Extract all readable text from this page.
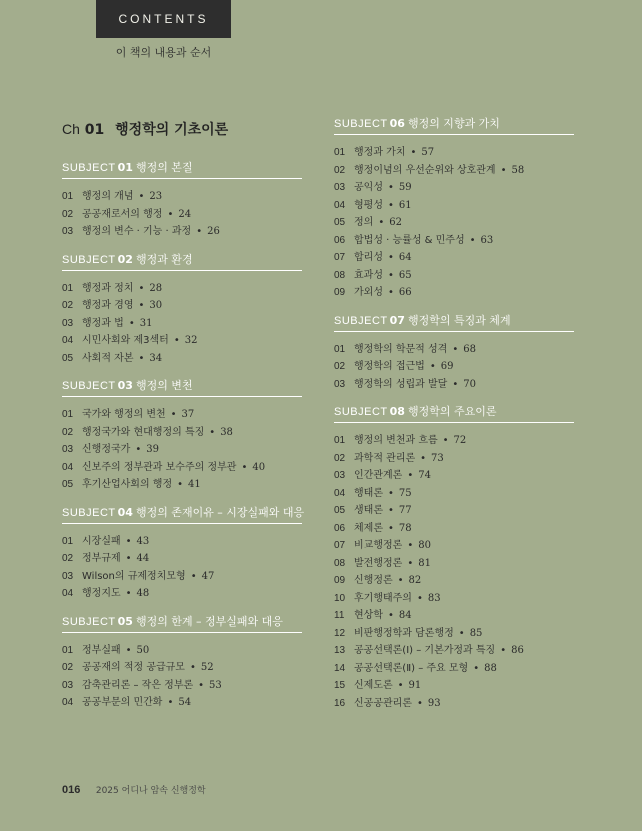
CONTENTS
이 책의 내용과 순서
Ch 01 행정학의 기초이론
SUBJECT 01 행정의 본질
01 행정의 개념 • 23
02 공공재로서의 행정 • 24
03 행정의 변수 · 기능 · 과정 • 26
SUBJECT 02 행정과 환경
01 행정과 정치 • 28
02 행정과 경영 • 30
03 행정과 법 • 31
04 시민사회와 제3섹터 • 32
05 사회적 자본 • 34
SUBJECT 03 행정의 변천
01 국가와 행정의 변천 • 37
02 행정국가와 현대행정의 특징 • 38
03 신행정국가 • 39
04 신보주의 정부관과 보수주의 정부관 • 40
05 후기산업사회의 행정 • 41
SUBJECT 04 행정의 존재이유 – 시장실패와 대응
01 시장실패 • 43
02 정부규제 • 44
03 Wilson의 규제정치모형 • 47
04 행정지도 • 48
SUBJECT 05 행정의 한계 – 정부실패와 대응
01 정부실패 • 50
02 공공재의 적정 공급규모 • 52
03 감축관리론 – 작은 정부론 • 53
04 공공부문의 민간화 • 54
SUBJECT 06 행정의 지향과 가치
01 행정과 가치 • 57
02 행정이념의 우선순위와 상호관계 • 58
03 공익성 • 59
04 형평성 • 61
05 정의 • 62
06 합법성 · 능률성 & 민주성 • 63
07 합리성 • 64
08 효과성 • 65
09 가외성 • 66
SUBJECT 07 행정학의 특징과 체계
01 행정학의 학문적 성격 • 68
02 행정학의 접근법 • 69
03 행정학의 성립과 발달 • 70
SUBJECT 08 행정학의 주요이론
01 행정의 변천과 흐름 • 72
02 과학적 관리론 • 73
03 인간관계론 • 74
04 행태론 • 75
05 생태론 • 77
06 체제론 • 78
07 비교행정론 • 80
08 발전행정론 • 81
09 신행정론 • 82
10 후기행태주의 • 83
11 현상학 • 84
12 비판행정학과 담론행정 • 85
13 공공선택론(Ⅰ) – 기본가정과 특징 • 86
14 공공선택론(Ⅱ) – 주요 모형 • 88
15 신제도론 • 91
16 신공공관리론 • 93
016 2025 어디나 암속 신행정학
